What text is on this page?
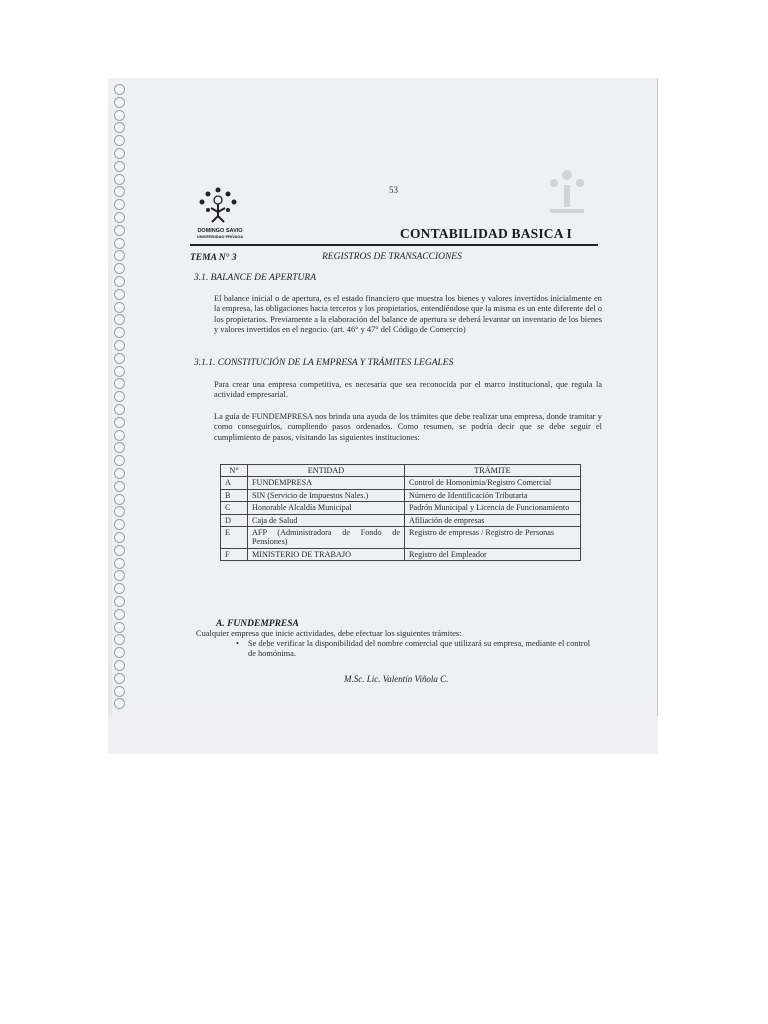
53
DOMINGO SAVIO
UNIVERSIDAD PRIVADA	CONTABILIDAD BASICA I
TEMA N° 3	REGISTROS DE TRANSACCIONES
3.1. BALANCE DE APERTURA
El balance inicial o de apertura, es el estado financiero que muestra los bienes y valores invertidos inicialmente en la empresa, las obligaciones hacia terceros y los propietarios, entendiéndose que la misma es un ente diferente del o los propietarios. Previamente a la elaboración del balance de apertura se deberá levantar un inventario de los bienes y valores invertidos en el negocio. (art. 46° y 47° del Código de Comercio)
3.1.1. CONSTITUCIÓN DE LA EMPRESA Y TRÁMITES LEGALES
Para crear una empresa competitiva, es necesaria que sea reconocida por el marco institucional, que regula la actividad empresarial.
La guía de FUNDEMPRESA nos brinda una ayuda de los trámites que debe realizar una empresa, donde tramitar y como conseguirlos, cumpliendo pasos ordenados. Como resumen, se podría decir que se debe seguir el cumplimiento de pasos, visitando las siguientes instituciones:
N°	ENTIDAD	TRÁMITE
A	FUNDEMPRESA	Control de Homonimia/Registro Comercial
B	SIN (Servicio de Impuestos Nales.)	Número de Identificación Tributaria
C	Honorable Alcaldía Municipal	Padrón Municipal y Licencia de Funcionamiento
D	Caja de Salud	Afiliación de empresas
E	AFP (Administradora de Fondo de Pensiones)	Registro de empresas / Registro de Personas
F	MINISTERIO DE TRABAJO	Registro del Empleador
A. FUNDEMPRESA
Cualquier empresa que inicie actividades, debe efectuar los siguientes trámites:
• Se debe verificar la disponibilidad del nombre comercial que utilizará su empresa, mediante el control de homónima.
M.Sc. Lic. Valentín Viñola C.
